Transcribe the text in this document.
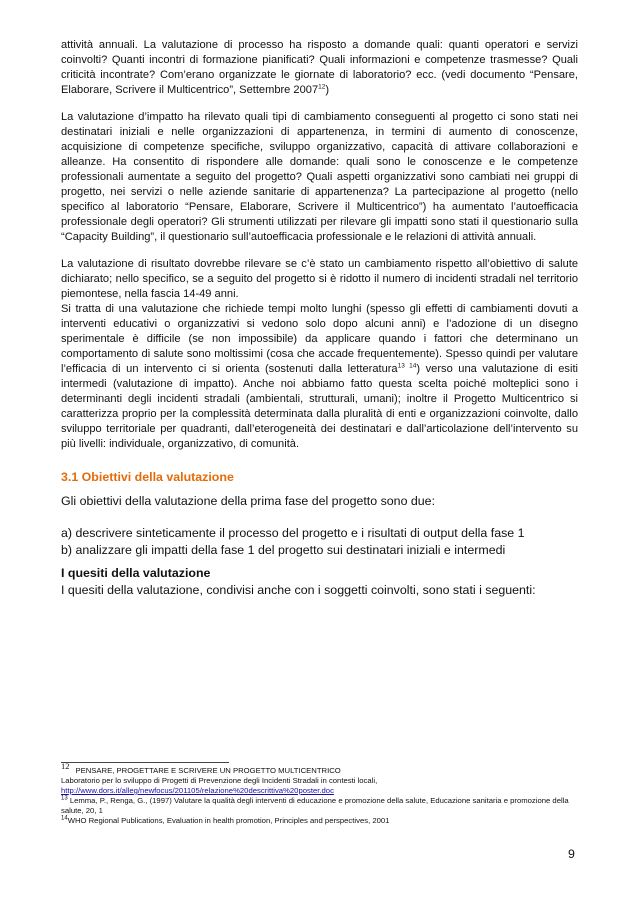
attività annuali. La valutazione di processo ha risposto a domande quali: quanti operatori e servizi coinvolti? Quanti incontri di formazione pianificati? Quali informazioni e competenze trasmesse? Quali criticità incontrate? Com’erano organizzate le giornate di laboratorio? ecc. (vedi documento “Pensare, Elaborare, Scrivere il Multicentrico”, Settembre 2007$^{12}$)

La valutazione d’impatto ha rilevato quali tipi di cambiamento conseguenti al progetto ci sono stati nei destinatari iniziali e nelle organizzazioni di appartenenza, in termini di aumento di conoscenze, acquisizione di competenze specifiche, sviluppo organizzativo, capacità di attivare collaborazioni e alleanze. Ha consentito di rispondere alle domande: quali sono le conoscenze e le competenze professionali aumentate a seguito del progetto? Quali aspetti organizzativi sono cambiati nei gruppi di progetto, nei servizi o nelle aziende sanitarie di appartenenza? La partecipazione al progetto (nello specifico al laboratorio “Pensare, Elaborare, Scrivere il Multicentrico”) ha aumentato l’autoefficacia professionale degli operatori? Gli strumenti utilizzati per rilevare gli impatti sono stati il questionario sulla “Capacity Building”, il questionario sull’autoefficacia professionale e le relazioni di attività annuali.

La valutazione di risultato dovrebbe rilevare se c’è stato un cambiamento rispetto all’obiettivo di salute dichiarato; nello specifico, se a seguito del progetto si è ridotto il numero di incidenti stradali nel territorio piemontese, nella fascia 14-49 anni.

Si tratta di una valutazione che richiede tempi molto lunghi (spesso gli effetti di cambiamenti dovuti a interventi educativi o organizzativi si vedono solo dopo alcuni anni) e l’adozione di un disegno sperimentale è difficile (se non impossibile) da applicare quando i fattori che determinano un comportamento di salute sono moltissimi (cosa che accade frequentemente). Spesso quindi per valutare l’efficacia di un intervento ci si orienta (sostenuti dalla letteratura$^{13 14}$) verso una valutazione di esiti intermedi (valutazione di impatto). Anche noi abbiamo fatto questa scelta poiché molteplici sono i determinanti degli incidenti stradali (ambientali, strutturali, umani); inoltre il Progetto Multicentrico si caratterizza proprio per la complessità determinata dalla pluralità di enti e organizzazioni coinvolte, dallo sviluppo territoriale per quadranti, dall’eterogeneità dei destinatari e dall’articolazione dell’intervento su più livelli: individuale, organizzativo, di comunità.

3.1 Obiettivi della valutazione

Gli obiettivi della valutazione della prima fase del progetto sono due:

a) descrivere sinteticamente il processo del progetto e i risultati di output della fase 1

b) analizzare gli impatti della fase 1 del progetto sui destinatari iniziali e intermedi

I quesiti della valutazione

I quesiti della valutazione, condivisi anche con i soggetti coinvolti, sono stati i seguenti:

12 PENSARE, PROGETTARE E SCRIVERE UN PROGETTO MULTICENTRICO

Laboratorio per lo sviluppo di Progetti di Prevenzione degli Incidenti Stradali in contesti locali,

http://www.dors.it/alleg/newfocus/201105/relazione%20descrittiva%20poster.doc

$^{13}$ Lemma, P., Renga, G., (1997) Valutare la qualità degli interventi di educazione e promozione della salute, Educazione sanitaria e promozione della salute, 20, 1

$^{14}$WHO Regional Publications, Evaluation in health promotion, Principles and perspectives, 2001

9
